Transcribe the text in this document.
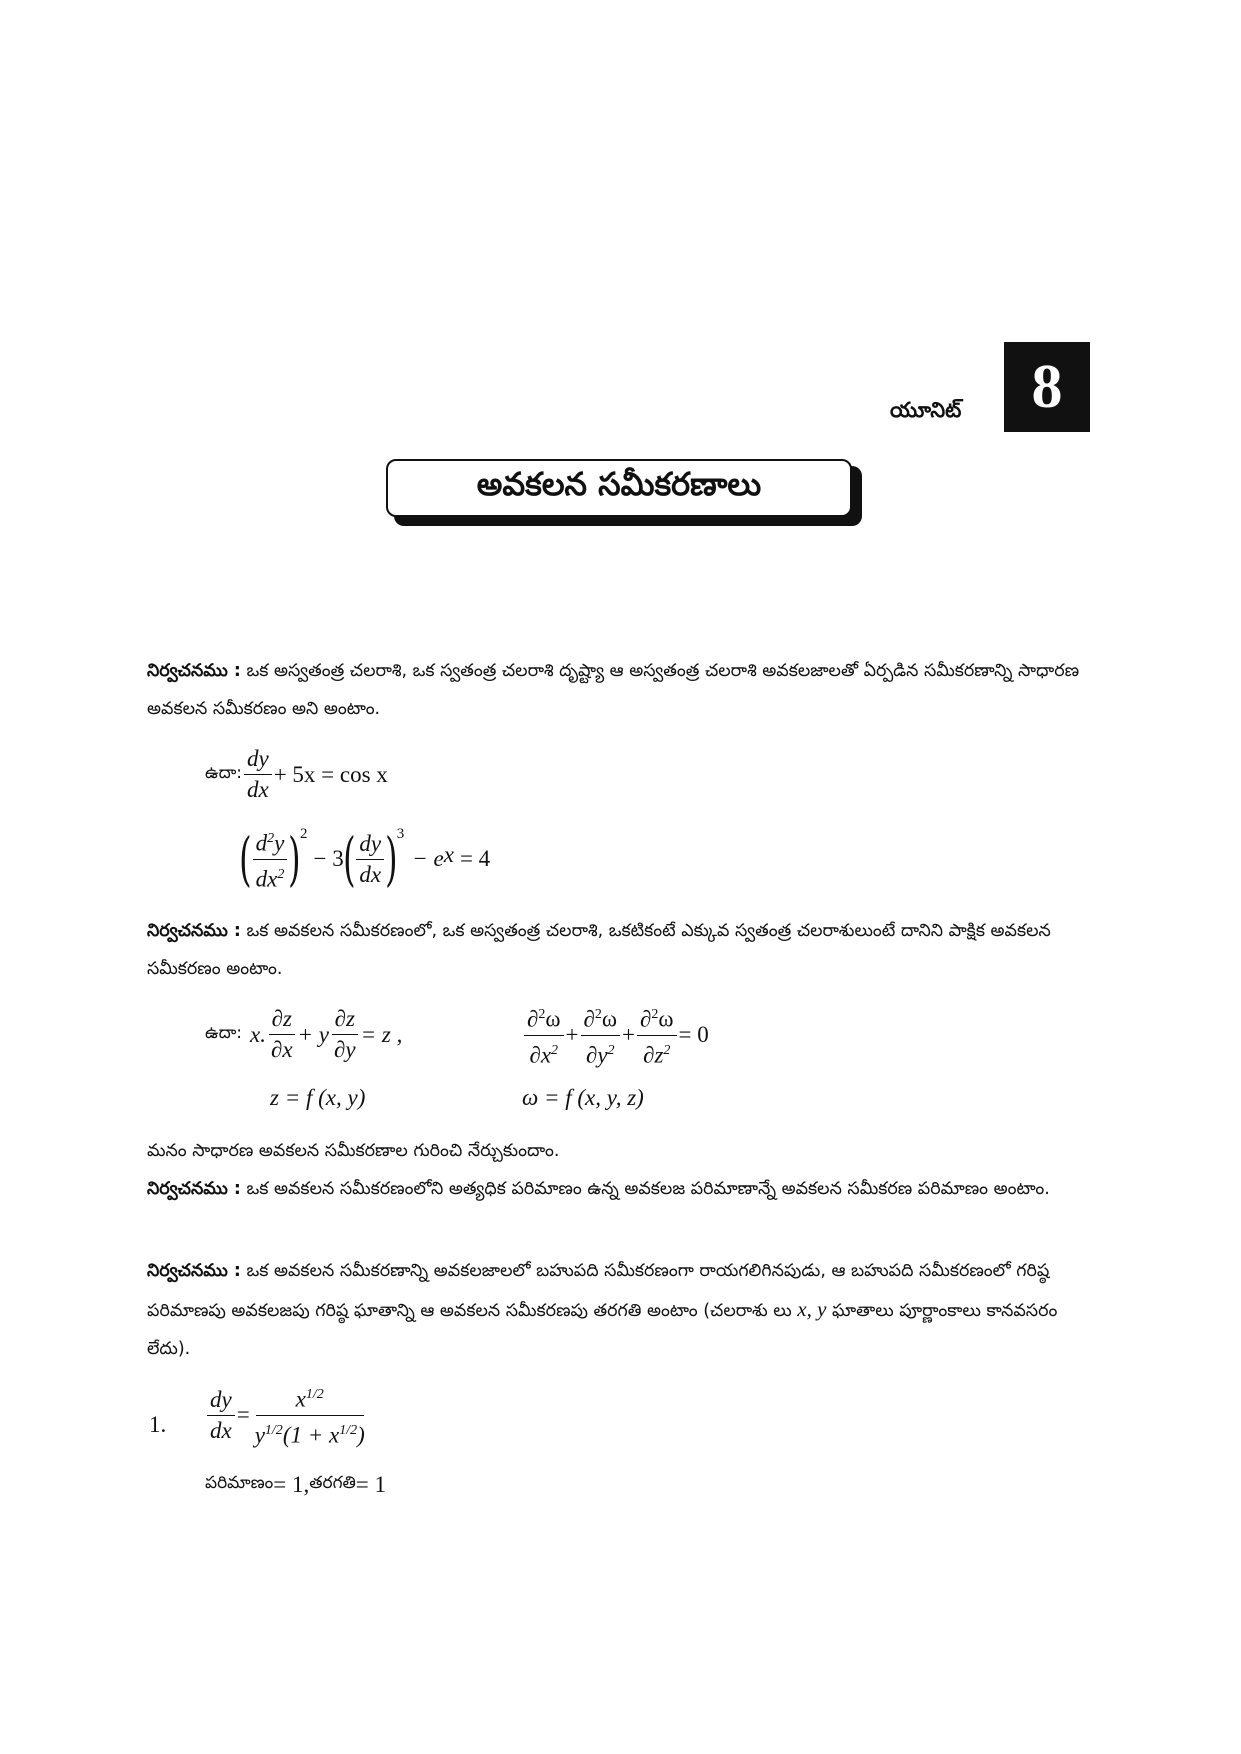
యూనిట్	8
అవకలన సమీకరణాలు
నిర్వచనము : ఒక అస్వతంత్ర చలరాశి, ఒక స్వతంత్ర చలరాశి దృష్ట్యా ఆ అస్వతంత్ర చలరాశి అవకలజాలతో ఏర్పడిన సమీకరణాన్ని సాధారణ అవకలన సమీకరణం అని అంటాం.
ఉదా: $\frac{dy}{dx} + 5x = \cos x$
( $\frac{d^2y}{dx^2}$ ) 2
− 3 ( $\frac{dy}{dx}$ ) 3
− e x = 4
నిర్వచనము : ఒక అవకలన సమీకరణంలో, ఒక అస్వతంత్ర చలరాశి, ఒకటికంటే ఎక్కువ స్వతంత్ర చలరాశులుంటే దానిని పాక్షిక అవకలన సమీకరణం అంటాం.
ఉదా: x. $\frac{\partial z}{\partial x} + y \frac{\partial z}{\partial y} = z$ ,
z = f (x, y)
$\frac{\partial^2\omega}{\partial x^2} + \frac{\partial^2\omega}{\partial y^2} + \frac{\partial^2\omega}{\partial z^2} = 0$
ω = f (x, y, z)
మనం సాధారణ అవకలన సమీకరణాల గురించి నేర్చుకుందాం.
నిర్వచనము : ఒక అవకలన సమీకరణంలోని అత్యధిక పరిమాణం ఉన్న అవకలజ పరిమాణాన్నే అవకలన సమీకరణ పరిమాణం అంటాం.
నిర్వచనము : ఒక అవకలన సమీకరణాన్ని అవకలజాలలో బహుపది సమీకరణంగా రాయగలిగినపుడు, ఆ బహుపది సమీకరణంలో గరిష్ఠ పరిమాణపు అవకలజపు గరిష్ఠ ఘాతాన్ని ఆ అవకలన సమీకరణపు తరగతి అంటాం (చలరాశు లు x, y ఘాతాలు పూర్ణాంకాలు కానవసరం లేదు).
1. $\frac{dy}{dx} = \frac{x^{1/2}}{y^{1/2}(1 + x^{1/2})}$
పరిమాణం = 1, తరగతి = 1
